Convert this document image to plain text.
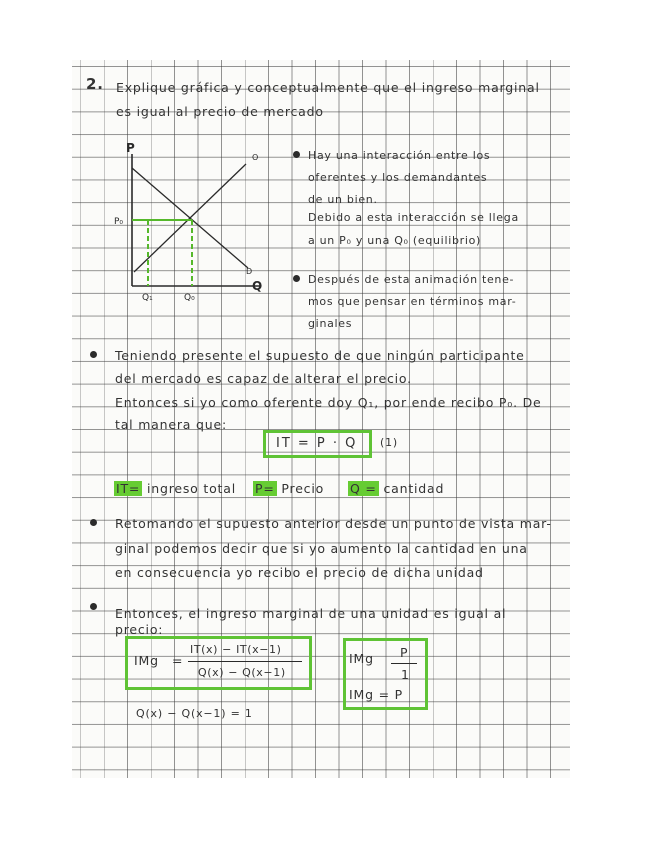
2. Explique gráfica y conceptualmente que el ingreso marginal
es igual al precio de mercado
P
Q
P₀
O
D
Q₁	Q₀
Hay una interacción entre los
oferentes y los demandantes
de un bien.
Debido a esta interacción se llega
a un P₀ y una Q₀ (equilibrio)
Después de esta animación tene-
mos que pensar en términos mar-
ginales
Teniendo presente el supuesto de que ningún participante
del mercado es capaz de alterar el precio.
Entonces si yo como oferente doy Q₁, por ende recibo P₀. De
tal manera que:
IT = P · Q (1)
IT= ingreso total P= Precio Q = cantidad
Retomando el supuesto anterior desde un punto de vista mar-
ginal podemos decir que si yo aumento la cantidad en una
en consecuencia yo recibo el precio de dicha unidad
Entonces, el ingreso marginal de una unidad es igual al
precio:
IMg =
IT(x) − IT(x−1)
Q(x) − Q(x−1)
IMg P
1
IMg = P
Q(x) − Q(x−1) = 1
